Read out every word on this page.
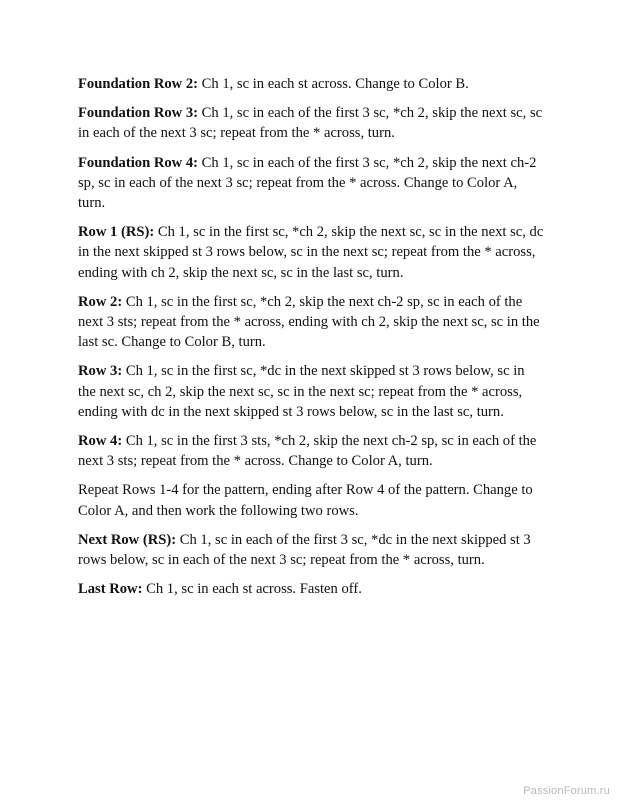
Foundation Row 2: Ch 1, sc in each st across. Change to Color B.

Foundation Row 3: Ch 1, sc in each of the first 3 sc, *ch 2, skip the next sc, sc in each of the next 3 sc; repeat from the * across, turn.

Foundation Row 4: Ch 1, sc in each of the first 3 sc, *ch 2, skip the next ch-2 sp, sc in each of the next 3 sc; repeat from the * across. Change to Color A, turn.

Row 1 (RS): Ch 1, sc in the first sc, *ch 2, skip the next sc, sc in the next sc, dc in the next skipped st 3 rows below, sc in the next sc; repeat from the * across, ending with ch 2, skip the next sc, sc in the last sc, turn.

Row 2: Ch 1, sc in the first sc, *ch 2, skip the next ch-2 sp, sc in each of the next 3 sts; repeat from the * across, ending with ch 2, skip the next sc, sc in the last sc. Change to Color B, turn.

Row 3: Ch 1, sc in the first sc, *dc in the next skipped st 3 rows below, sc in the next sc, ch 2, skip the next sc, sc in the next sc; repeat from the * across, ending with dc in the next skipped st 3 rows below, sc in the last sc, turn.

Row 4: Ch 1, sc in the first 3 sts, *ch 2, skip the next ch-2 sp, sc in each of the next 3 sts; repeat from the * across. Change to Color A, turn.

Repeat Rows 1-4 for the pattern, ending after Row 4 of the pattern. Change to Color A, and then work the following two rows.

Next Row (RS): Ch 1, sc in each of the first 3 sc, *dc in the next skipped st 3 rows below, sc in each of the next 3 sc; repeat from the * across, turn.

Last Row: Ch 1, sc in each st across. Fasten off.

PassionForum.ru
